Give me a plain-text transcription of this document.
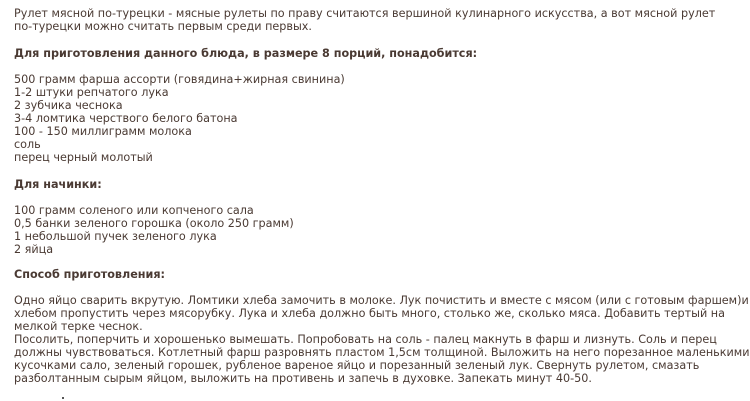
Рулет мясной по-турецки - мясные рулеты по праву считаются вершиной кулинарного искусства, а вот мясной рулет
по-турецки можно считать первым среди первых.
Для приготовления данного блюда, в размере 8 порций, понадобится:
500 грамм фарша ассорти (говядина+жирная свинина)
1-2 штуки репчатого лука
2 зубчика чеснока
3-4 ломтика черствого белого батона
100 - 150 миллиграмм молока
соль
перец черный молотый
Для начинки:
100 грамм соленого или копченого сала
0,5 банки зеленого горошка (около 250 грамм)
1 небольшой пучек зеленого лука
2 яйца
Способ приготовления:
Одно яйцо сварить вкрутую. Ломтики хлеба замочить в молоке. Лук почистить и вместе с мясом (или с готовым фаршем)и
хлебом пропустить через мясорубку. Лука и хлеба должно быть много, столько же, сколько мяса. Добавить тертый на
мелкой терке чеснок.
Посолить, поперчить и хорошенько вымешать. Попробовать на соль - палец макнуть в фарш и лизнуть. Соль и перец
должны чувствоваться. Котлетный фарш разровнять пластом 1,5см толщиной. Выложить на него порезанное маленькими
кусочками сало, зеленый горошек, рубленое вареное яйцо и порезанный зеленый лук. Свернуть рулетом, смазать
разболтанным сырым яйцом, выложить на противень и запечь в духовке. Запекать минут 40-50.
